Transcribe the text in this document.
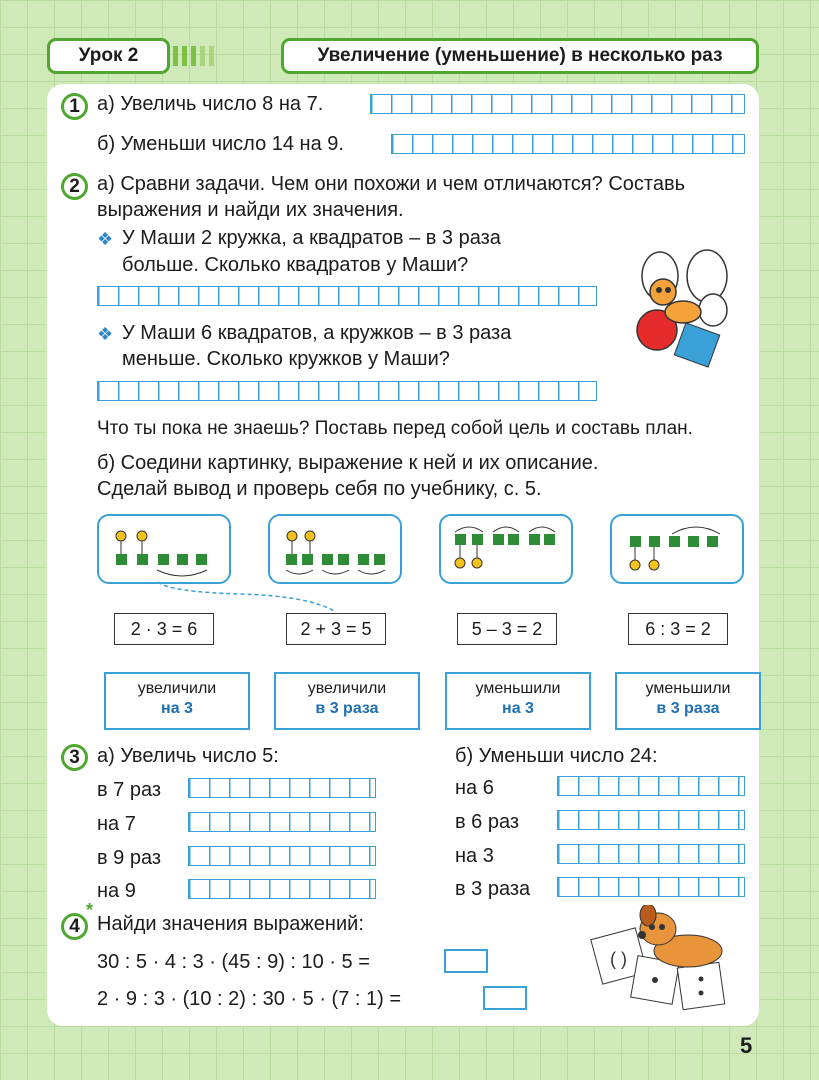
Урок 2	Увеличение (уменьшение) в несколько раз
1 а) Увеличь число 8 на 7.
б) Уменьши число 14 на 9.
2 а) Сравни задачи. Чем они похожи и чем отличаются? Составь
выражения и найди их значения.
❖ У Маши 2 кружка, а квадратов – в 3 раза
больше. Сколько квадратов у Маши?
❖ У Маши 6 квадратов, а кружков – в 3 раза
меньше. Сколько кружков у Маши?
Что ты пока не знаешь? Поставь перед собой цель и составь план.
б) Соедини картинку, выражение к ней и их описание.
Сделай вывод и проверь себя по учебнику, с. 5.
2 · 3 = 6	2 + 3 = 5	5 – 3 = 2	6 : 3 = 2
увеличили
на 3
увеличили
в 3 раза
уменьшили
на 3
уменьшили
в 3 раза
3 а) Увеличь число 5:	б) Уменьши число 24:
в 7 раз
на 7
в 9 раз
на 9
на 6
в 6 раз
на 3
в 3 раза
4
*
Найди значения выражений:
30 : 5 · 4 : 3 · (45 : 9) : 10 · 5 =
2 · 9 : 3 · (10 : 2) : 30 · 5 · (7 : 1) =
( )
5
